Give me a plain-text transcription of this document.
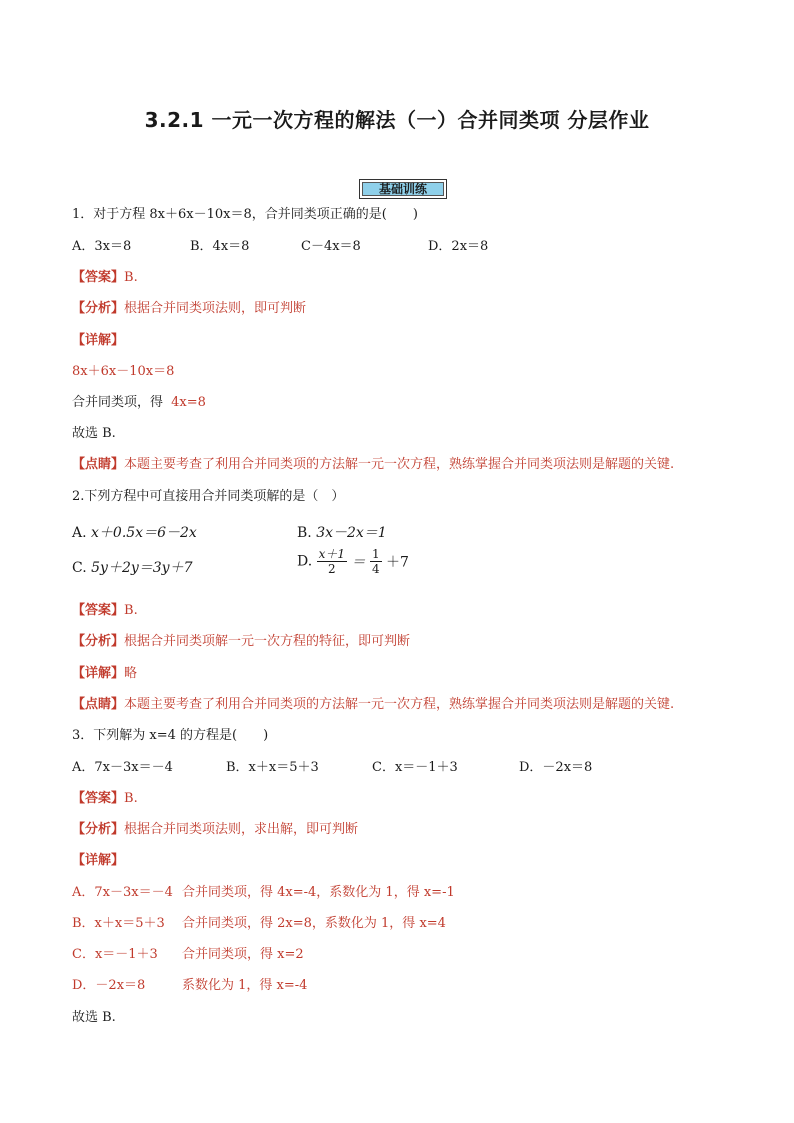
3.2.1 一元一次方程的解法（一）合并同类项 分层作业
基础训练
1．对于方程 8x＋6x－10x＝8，合并同类项正确的是(　　)
A．3x＝8	B．4x＝8	C－4x＝8	D．2x＝8
【答案】B.
【分析】根据合并同类项法则，即可判断
【详解】
8x＋6x－10x＝8
合并同类项，得 4x=8
故选 B.
【点睛】本题主要考查了利用合并同类项的方法解一元一次方程，熟练掌握合并同类项法则是解题的关键.
2.下列方程中可直接用合并同类项解的是（　）
A. x＋0.5x＝6－2x	B. 3x－2x＝1
C. 5y＋2y＝3y＋7	D. $\frac{x+1}{2} = \frac{1}{4} +7$
【答案】B.
【分析】根据合并同类项解一元一次方程的特征，即可判断
【详解】略
【点睛】本题主要考查了利用合并同类项的方法解一元一次方程，熟练掌握合并同类项法则是解题的关键.
3．下列解为 x=4 的方程是(　　)
A．7x－3x＝－4	B．x＋x＝5＋3	C．x＝－1＋3	D．－2x＝8
【答案】B.
【分析】根据合并同类项法则，求出解，即可判断
【详解】
A．7x－3x＝－4 合并同类项，得 4x=-4，系数化为 1，得 x=-1
B．x＋x＝5＋3 合并同类项，得 2x=8，系数化为 1，得 x=4
C．x＝－1＋3 合并同类项，得 x=2
D．－2x＝8	系数化为 1，得 x=-4
故选 B.
